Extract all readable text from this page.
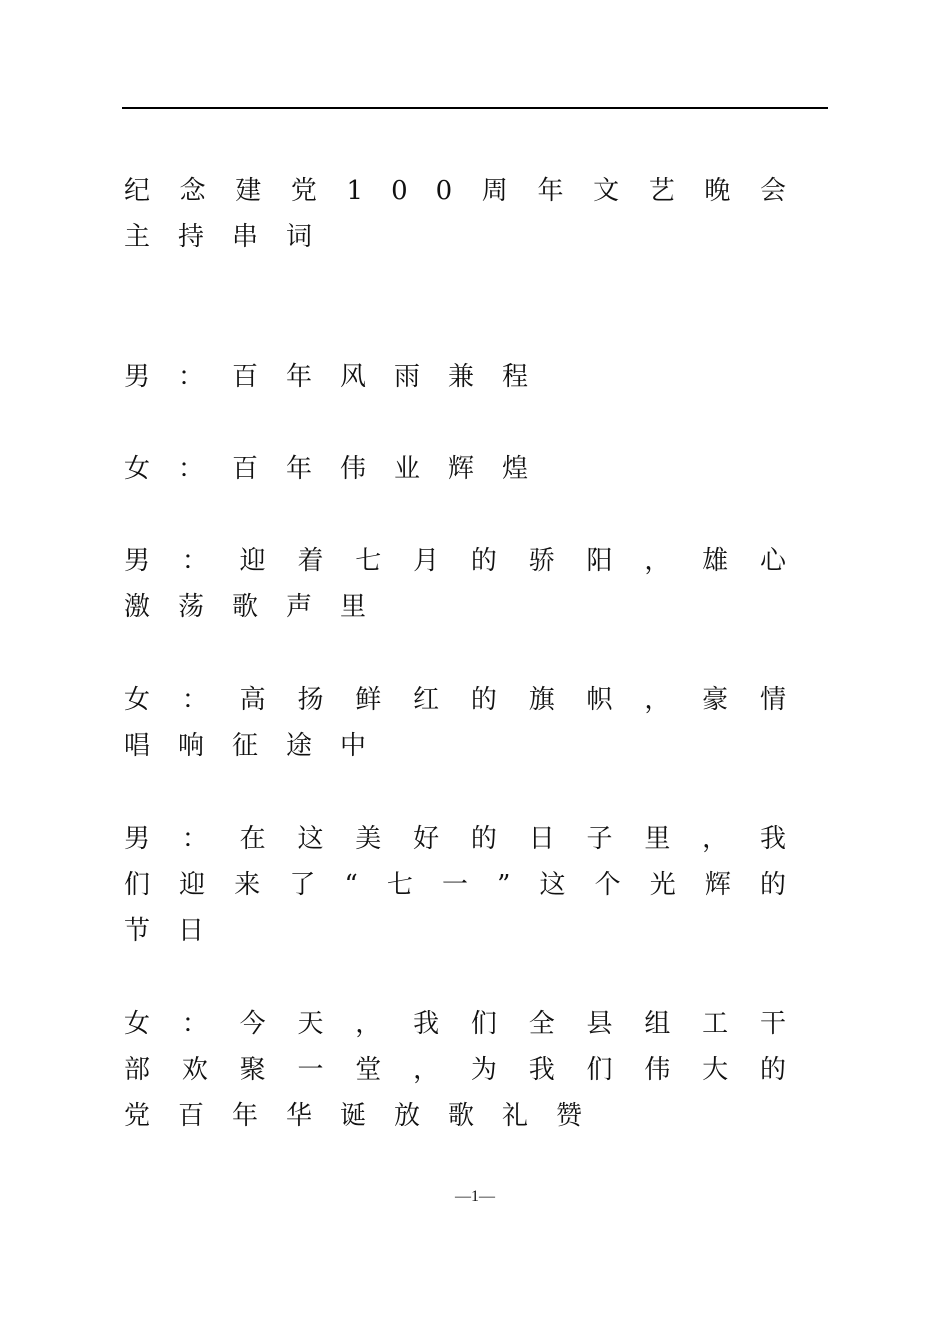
纪念建党100周年文艺晚会主持串词
男：百年风雨兼程
女：百年伟业辉煌
男：迎着七月的骄阳，雄心激荡歌声里
女：高扬鲜红的旗帜，豪情唱响征途中
男：在这美好的日子里，我们迎来了“七一”这个光辉的节日
女：今天，我们全县组工干部欢聚一堂，为我们伟大的党百年华诞放歌礼赞
—1—
